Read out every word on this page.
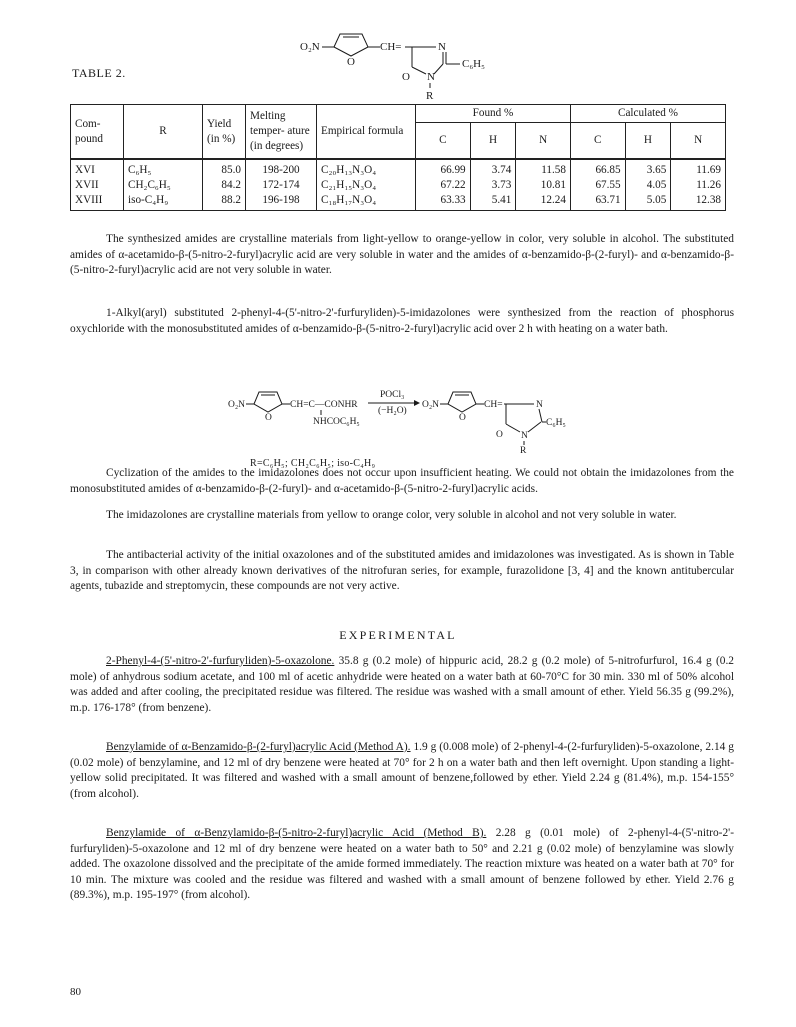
TABLE 2.
O₂N
O
CH=	N
C₆H₅
O N
R
Com- pound	R	Yield (in %)	Melting temper- ature (in degrees)	Empirical formula	Found %			Calculated %		
					C	H	N	C	H	N
XVI	C₆H₅	85.0	198-200	C₂₀H₁₃N₃O₄	66.99	3.74	11.58	66.85	3.65	11.69
XVII	CH₂C₆H₅	84.2	172-174	C₂₁H₁₅N₃O₄	67.22	3.73	10.81	67.55	4.05	11.26
XVIII	iso-C₄H₉	88.2	196-198	C₁₈H₁₇N₃O₄	63.33	5.41	12.24	63.71	5.05	12.38

The synthesized amides are crystalline materials from light-yellow to orange-yellow in color, very soluble in alcohol. The substituted amides of α-acetamido-β-(5-nitro-2-furyl)acrylic acid are very soluble in water and the amides of α-benzamido-β-(2-furyl)- and α-benzamido-β-(5-nitro-2-furyl)acrylic acid are not very soluble in water.

1-Alkyl(aryl) substituted 2-phenyl-4-(5'-nitro-2'-furfuryliden)-5-imidazolones were synthesized from the reaction of phosphorus oxychloride with the monosubstituted amides of α-benzamido-β-(5-nitro-2-furyl)acrylic acid over 2 h with heating on a water bath.

O₂N
O
CH=C—CONHR
NHCOC₆H₅
POCl₃
(−H₂O)
O₂N
O
CH=	N
C₆H₅
O N
R
R=C₆H₅; CH₂C₆H₅; iso-C₄H₉

Cyclization of the amides to the imidazolones does not occur upon insufficient heating. We could not obtain the imidazolones from the monosubstituted amides of α-benzamido-β-(2-furyl)- and α-acetamido-β-(5-nitro-2-furyl)acrylic acids.

The imidazolones are crystalline materials from yellow to orange color, very soluble in alcohol and not very soluble in water.

The antibacterial activity of the initial oxazolones and of the substituted amides and imidazolones was investigated. As is shown in Table 3, in comparison with other already known derivatives of the nitrofuran series, for example, furazolidone [3, 4] and the known antitubercular agents, tubazide and streptomycin, these compounds are not very active.

EXPERIMENTAL

2-Phenyl-4-(5'-nitro-2'-furfuryliden)-5-oxazolone. 35.8 g (0.2 mole) of hippuric acid, 28.2 g (0.2 mole) of 5-nitrofurfurol, 16.4 g (0.2 mole) of anhydrous sodium acetate, and 100 ml of acetic anhydride were heated on a water bath at 60-70°C for 30 min. 330 ml of 50% alcohol was added and after cooling, the precipitated residue was filtered. The residue was washed with a small amount of ether. Yield 56.35 g (99.2%), m.p. 176-178° (from benzene).

Benzylamide of α-Benzamido-β-(2-furyl)acrylic Acid (Method A). 1.9 g (0.008 mole) of 2-phenyl-4-(2-furfuryliden)-5-oxazolone, 2.14 g (0.02 mole) of benzylamine, and 12 ml of dry benzene were heated at 70° for 2 h on a water bath and then left overnight. Upon standing a light-yellow solid precipitated. It was filtered and washed with a small amount of benzene,followed by ether. Yield 2.24 g (81.4%), m.p. 154-155° (from alcohol).

Benzylamide of α-Benzylamido-β-(5-nitro-2-furyl)acrylic Acid (Method B). 2.28 g (0.01 mole) of 2-phenyl-4-(5'-nitro-2'-furfuryliden)-5-oxazolone and 12 ml of dry benzene were heated on a water bath to 50° and 2.21 g (0.02 mole) of benzylamine was slowly added. The oxazolone dissolved and the precipitate of the amide formed immediately. The reaction mixture was heated on a water bath at 70° for 10 min. The mixture was cooled and the residue was filtered and washed with a small amount of benzene followed by ether. Yield 2.76 g (89.3%), m.p. 195-197° (from alcohol).

80
